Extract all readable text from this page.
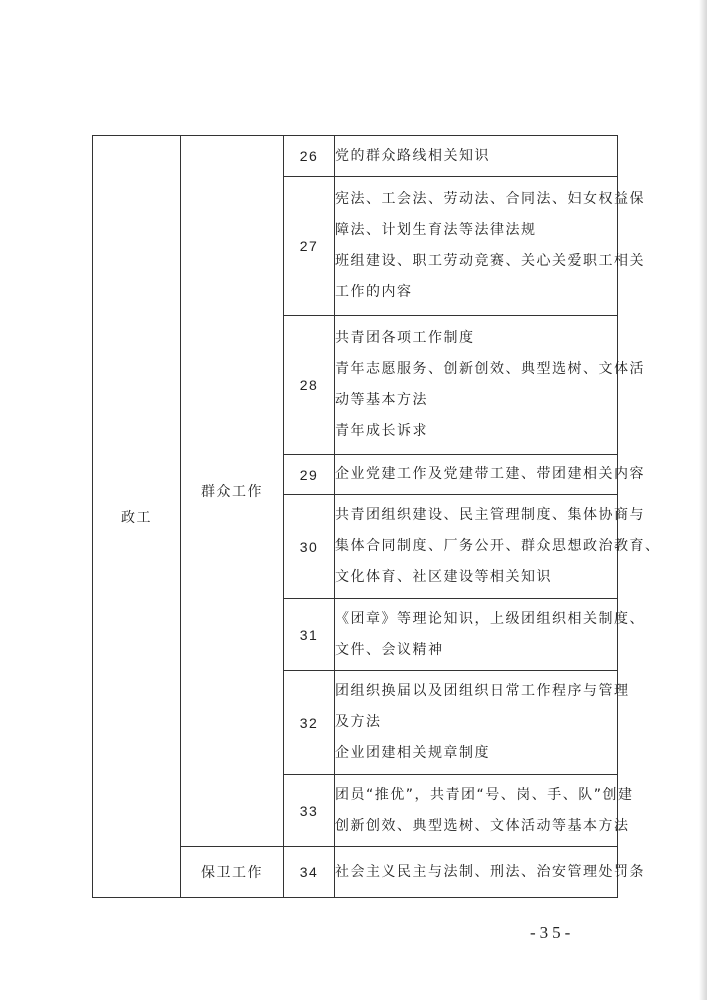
政工	群众工作	26	党的群众路线相关知识

		27	宪法、工会法、劳动法、合同法、妇女权益保
障法、计划生育法等法律法规
班组建设、职工劳动竞赛、关心关爱职工相关
工作的内容

		28	共青团各项工作制度
青年志愿服务、创新创效、典型选树、文体活
动等基本方法
青年成长诉求

		29	企业党建工作及党建带工建、带团建相关内容

		30	共青团组织建设、民主管理制度、集体协商与
集体合同制度、厂务公开、群众思想政治教育、
文化体育、社区建设等相关知识

		31	《团章》等理论知识，上级团组织相关制度、
文件、会议精神

		32	团组织换届以及团组织日常工作程序与管理
及方法
企业团建相关规章制度

		33	团员“推优”，共青团“号、岗、手、队”创建
创新创效、典型选树、文体活动等基本方法

	保卫工作	34	社会主义民主与法制、刑法、治安管理处罚条
-35-
